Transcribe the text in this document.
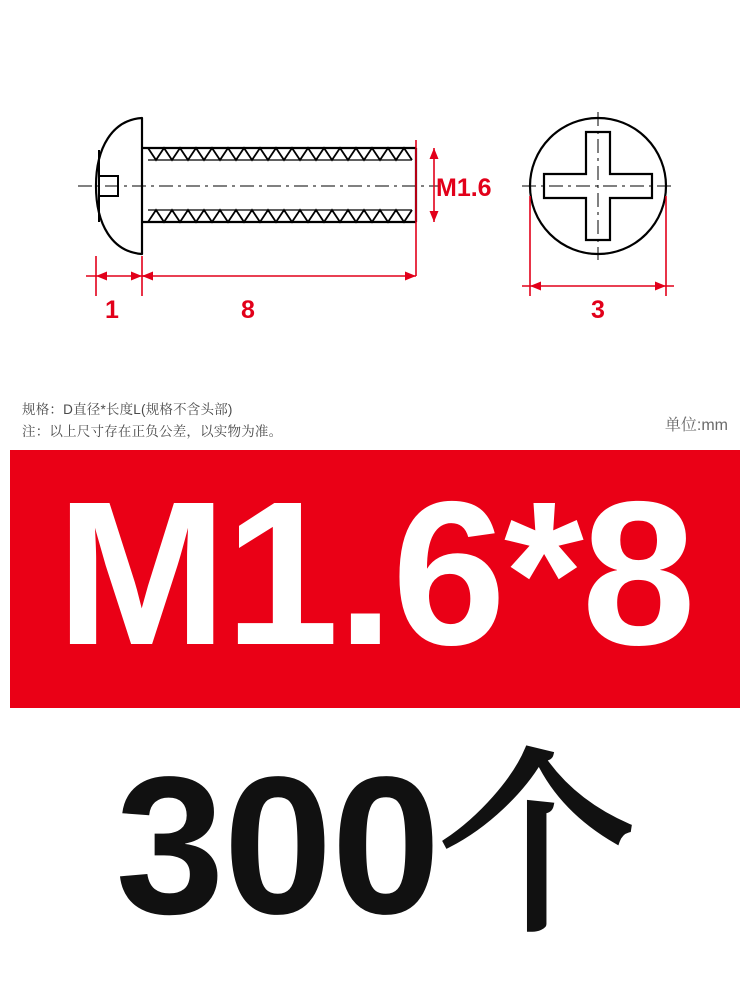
M1.6
1	8	3
规格：D直径*长度L(规格不含头部)
注：以上尺寸存在正负公差，以实物为准。	单位:mm
M1.6*8
300个
